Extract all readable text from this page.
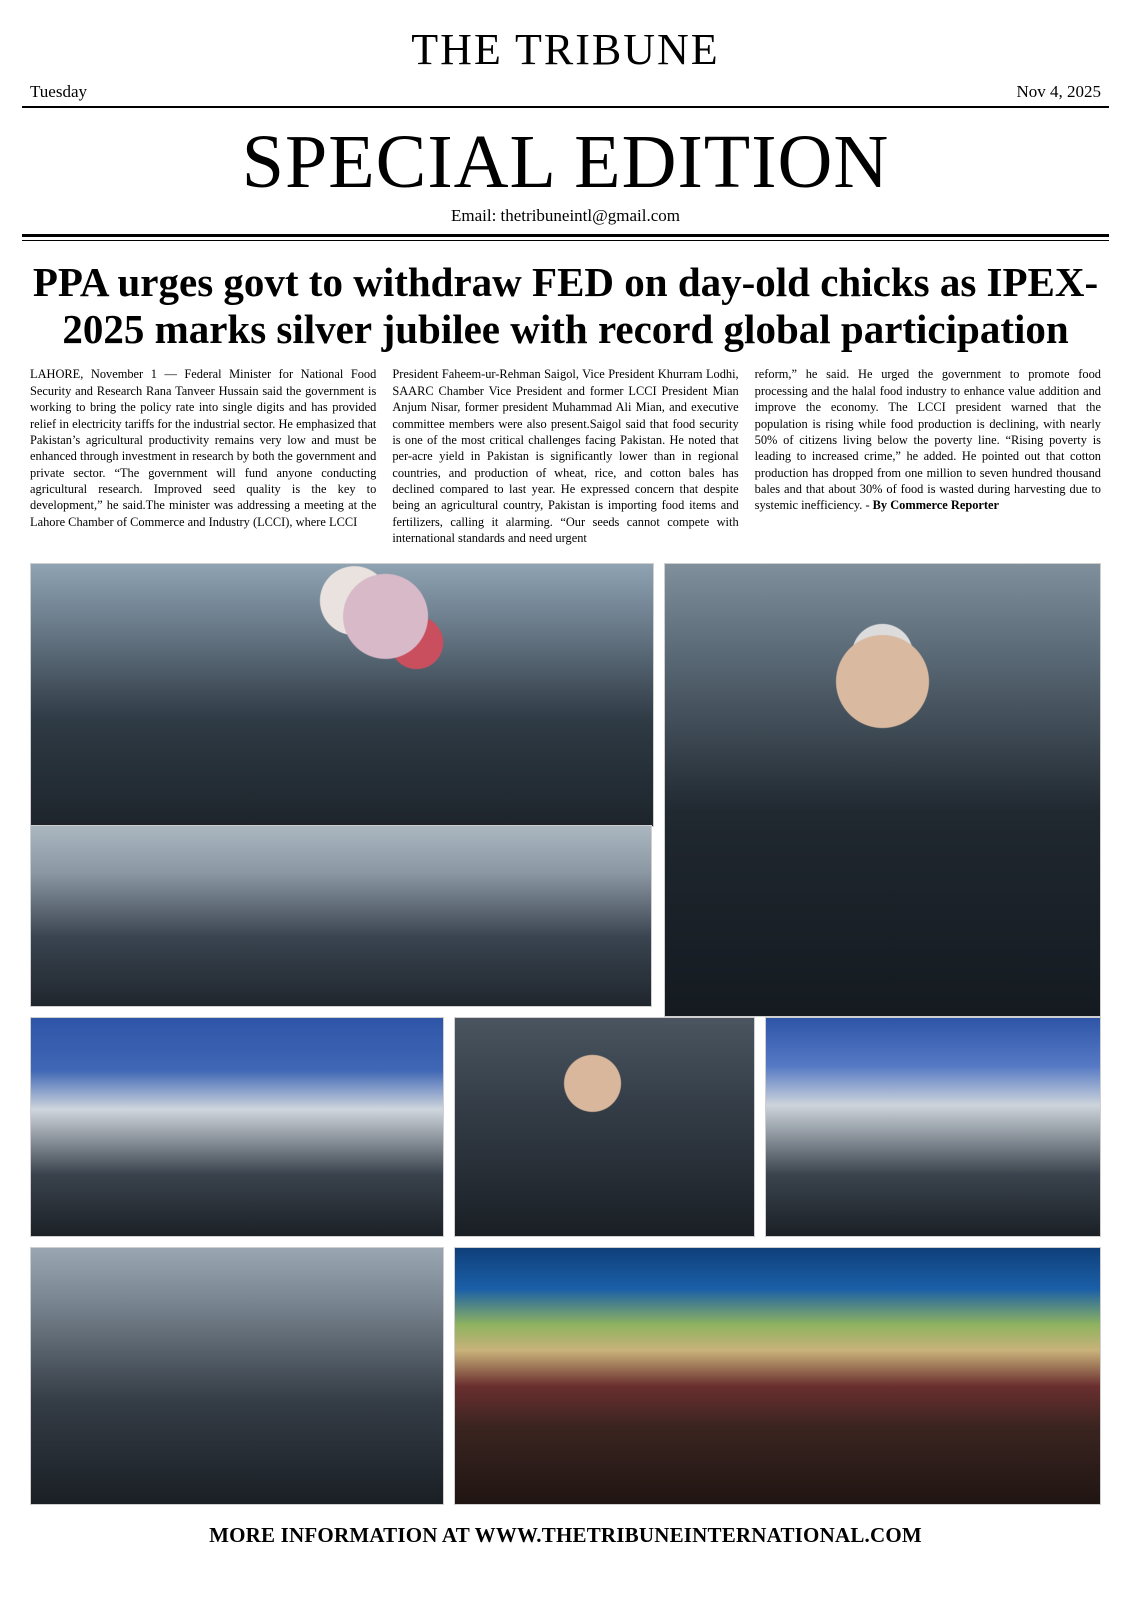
THE TRIBUNE
Tuesday	Nov 4, 2025
SPECIAL EDITION
Email: thetribuneintl@gmail.com
PPA urges govt to withdraw FED on day-old chicks as IPEX-2025 marks silver jubilee with record global participation
LAHORE, November 1 — Federal Minister for National Food Security and Research Rana Tanveer Hussain said the government is working to bring the policy rate into single digits and has provided relief in electricity tariffs for the industrial sector. He emphasized that Pakistan’s agricultural productivity remains very low and must be enhanced through investment in research by both the government and private sector. “The government will fund anyone conducting agricultural research. Improved seed quality is the key to development,” he said.The minister was addressing a meeting at the Lahore Chamber of Commerce and Industry (LCCI), where LCCI
President Faheem-ur-Rehman Saigol, Vice President Khurram Lodhi, SAARC Chamber Vice President and former LCCI President Mian Anjum Nisar, former president Muhammad Ali Mian, and executive committee members were also present.Saigol said that food security is one of the most critical challenges facing Pakistan. He noted that per-acre yield in Pakistan is significantly lower than in regional countries, and production of wheat, rice, and cotton bales has declined compared to last year. He expressed concern that despite being an agricultural country, Pakistan is importing food items and fertilizers, calling it alarming. “Our seeds cannot compete with international standards and need urgent
reform,” he said. He urged the government to promote food processing and the halal food industry to enhance value addition and improve the economy. The LCCI president warned that the population is rising while food production is declining, with nearly 50% of citizens living below the poverty line. “Rising poverty is leading to increased crime,” he added. He pointed out that cotton production has dropped from one million to seven hundred thousand bales and that about 30% of food is wasted during harvesting due to systemic inefficiency. - By Commerce Reporter
MORE INFORMATION AT WWW.THETRIBUNEINTERNATIONAL.COM
